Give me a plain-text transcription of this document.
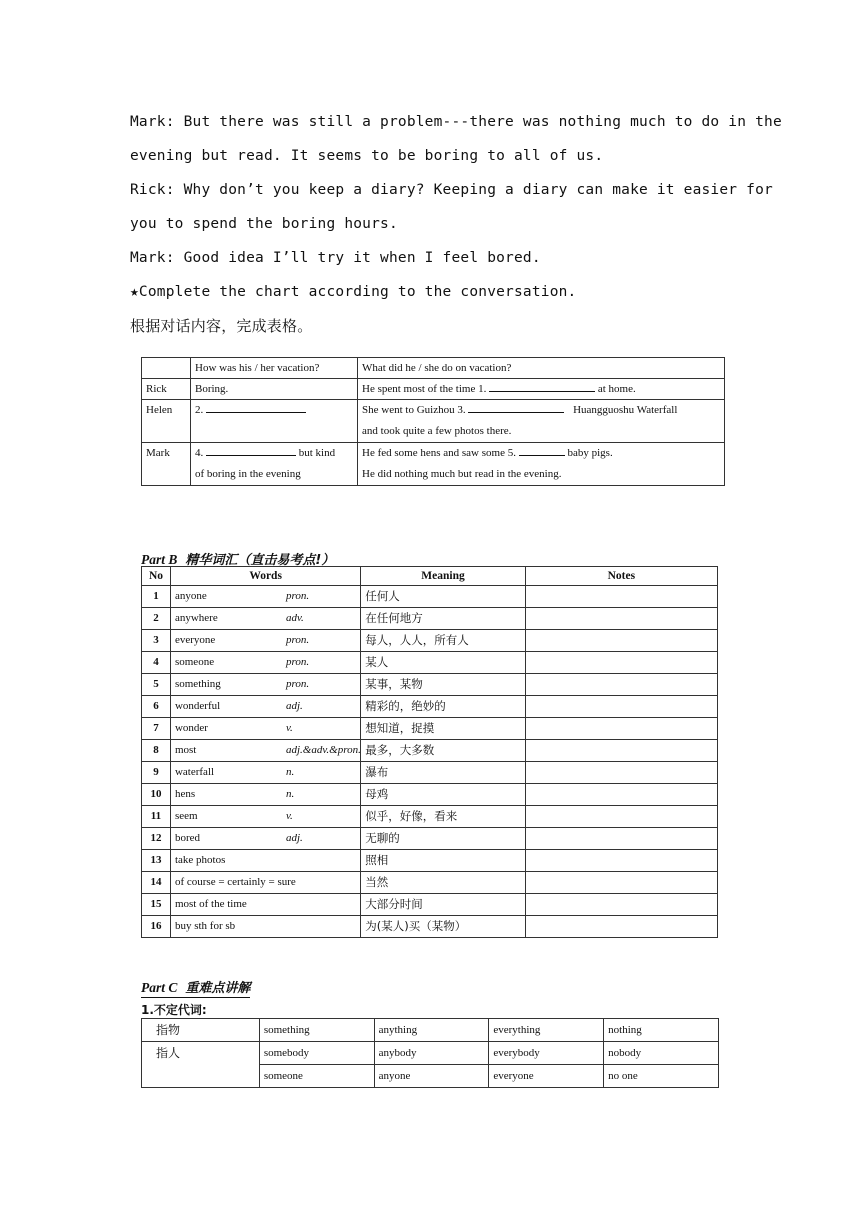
Mark: But there was still a problem---there was nothing much to do in the

evening but read. It seems to be boring to all of us.

Rick: Why don’t you keep a diary? Keeping a diary can make it easier for

you to spend the boring hours.

Mark: Good idea I’ll try it when I feel bored.

★Complete the chart according to the conversation.

根据对话内容，完成表格。

	How was his / her vacation?	What did he / she do on vacation?
Rick	Boring.	He spent most of the time 1. at home.
Helen	2.	She went to Guizhou 3. Huangguoshu Waterfall
and took quite a few photos there.
Mark	4. but kind
of boring in the evening	He fed some hens and saw some 5. baby pigs.
He did nothing much but read in the evening.
Part B 精华词汇（直击易考点!）
No	Words	Meaning	Notes
1	anyone pron.	任何人	
2	anywhere adv.	在任何地方	
3	everyone pron.	每人，人人，所有人	
4	someone pron.	某人	
5	something pron.	某事，某物	
6	wonderful adj.	精彩的，绝妙的	
7	wonder v.	想知道，捉摸	
8	most adj.&adv.&pron.	最多，大多数	
9	waterfall n.	瀑布	
10	hens n.	母鸡	
11	seem v.	似乎，好像，看来	
12	bored adj.	无聊的	
13	take photos	照相	
14	of course = certainly = sure	当然	
15	most of the time	大部分时间	
16	buy sth for sb	为(某人)买（某物）	
Part C 重难点讲解
1.不定代词:
指物	something	anything	everything	nothing
指人	somebody	anybody	everybody	nobody
	someone	anyone	everyone	no one
